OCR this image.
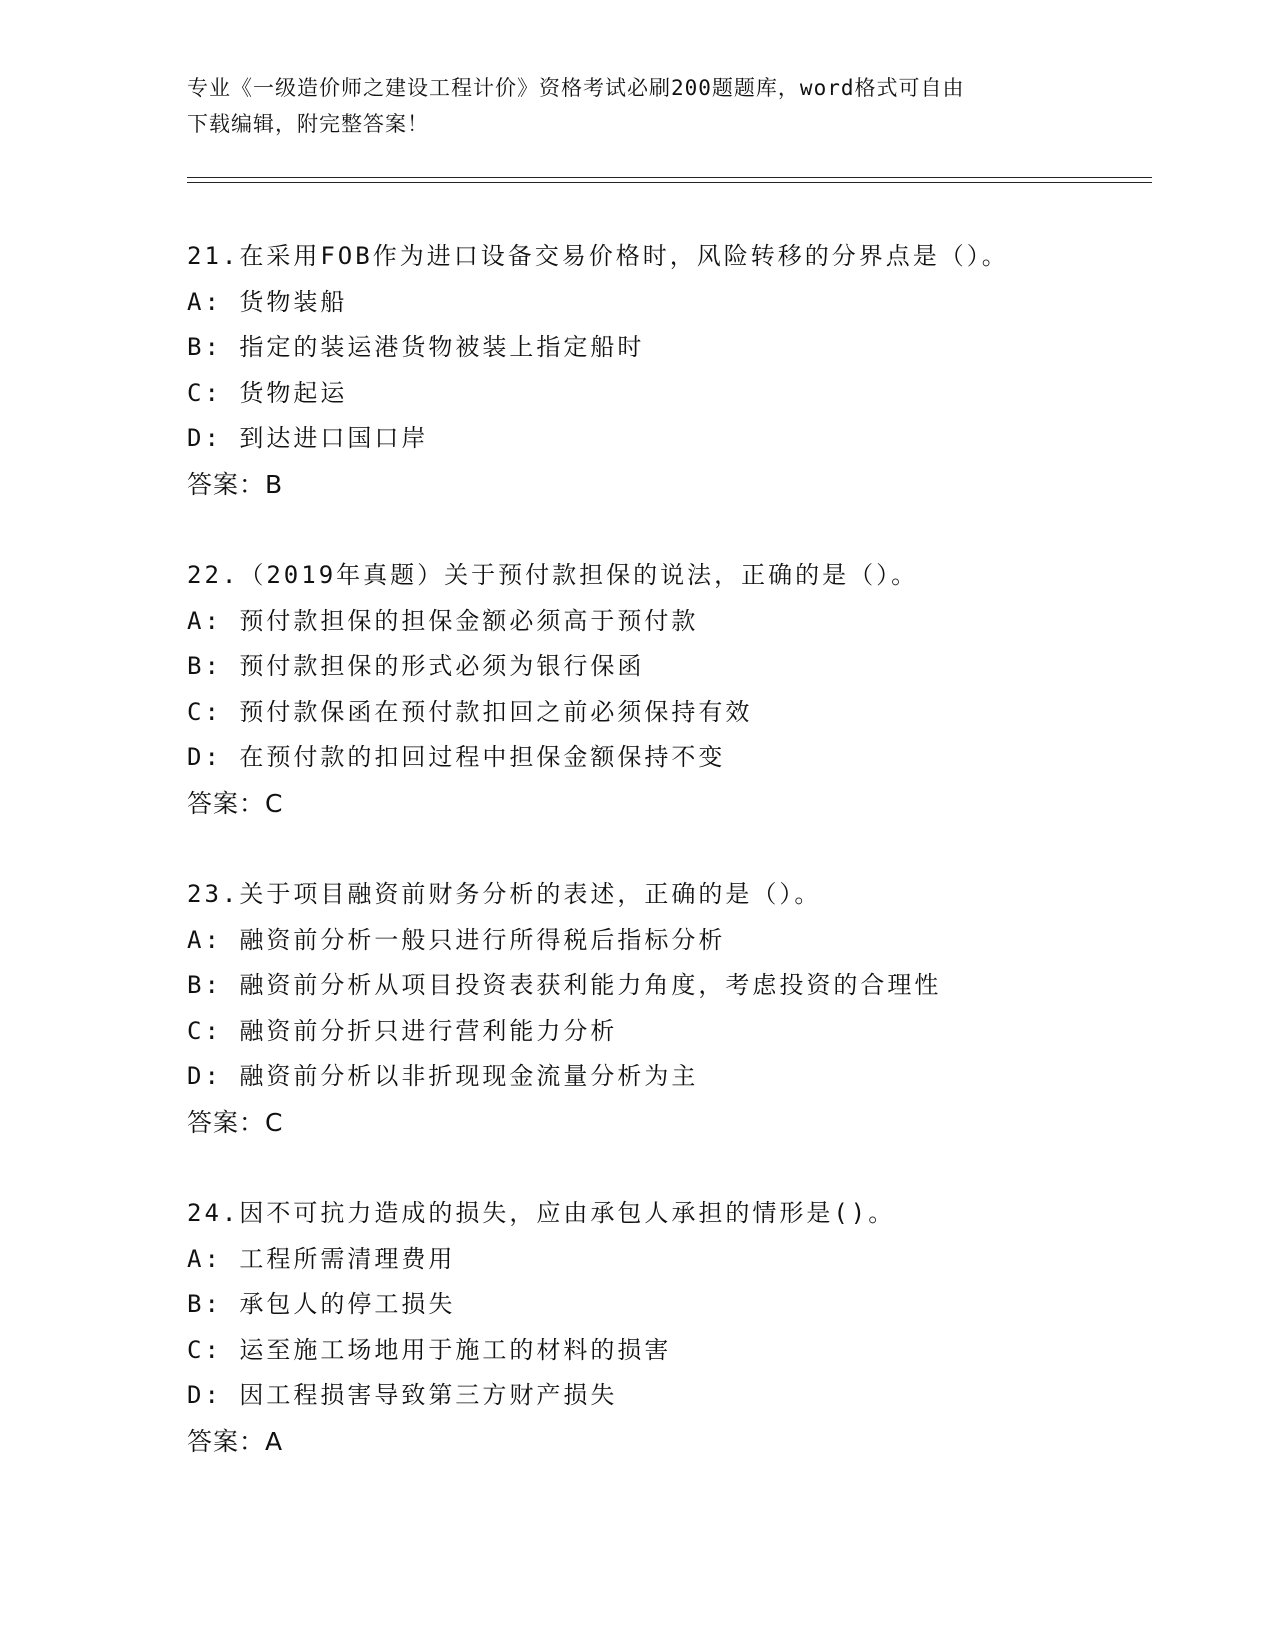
专业《一级造价师之建设工程计价》资格考试必刷200题题库，word格式可自由
下载编辑，附完整答案！
21.在采用FOB作为进口设备交易价格时，风险转移的分界点是（）。
A: 货物装船
B: 指定的装运港货物被装上指定船时
C: 货物起运
D: 到达进口国口岸
答案：B
22.（2019年真题）关于预付款担保的说法，正确的是（）。
A: 预付款担保的担保金额必须高于预付款
B: 预付款担保的形式必须为银行保函
C: 预付款保函在预付款扣回之前必须保持有效
D: 在预付款的扣回过程中担保金额保持不变
答案：C
23.关于项目融资前财务分析的表述，正确的是（）。
A: 融资前分析一般只进行所得税后指标分析
B: 融资前分析从项目投资表获利能力角度，考虑投资的合理性
C: 融资前分折只进行营利能力分析
D: 融资前分析以非折现现金流量分析为主
答案：C
24.因不可抗力造成的损失，应由承包人承担的情形是()。
A: 工程所需清理费用
B: 承包人的停工损失
C: 运至施工场地用于施工的材料的损害
D: 因工程损害导致第三方财产损失
答案：A
